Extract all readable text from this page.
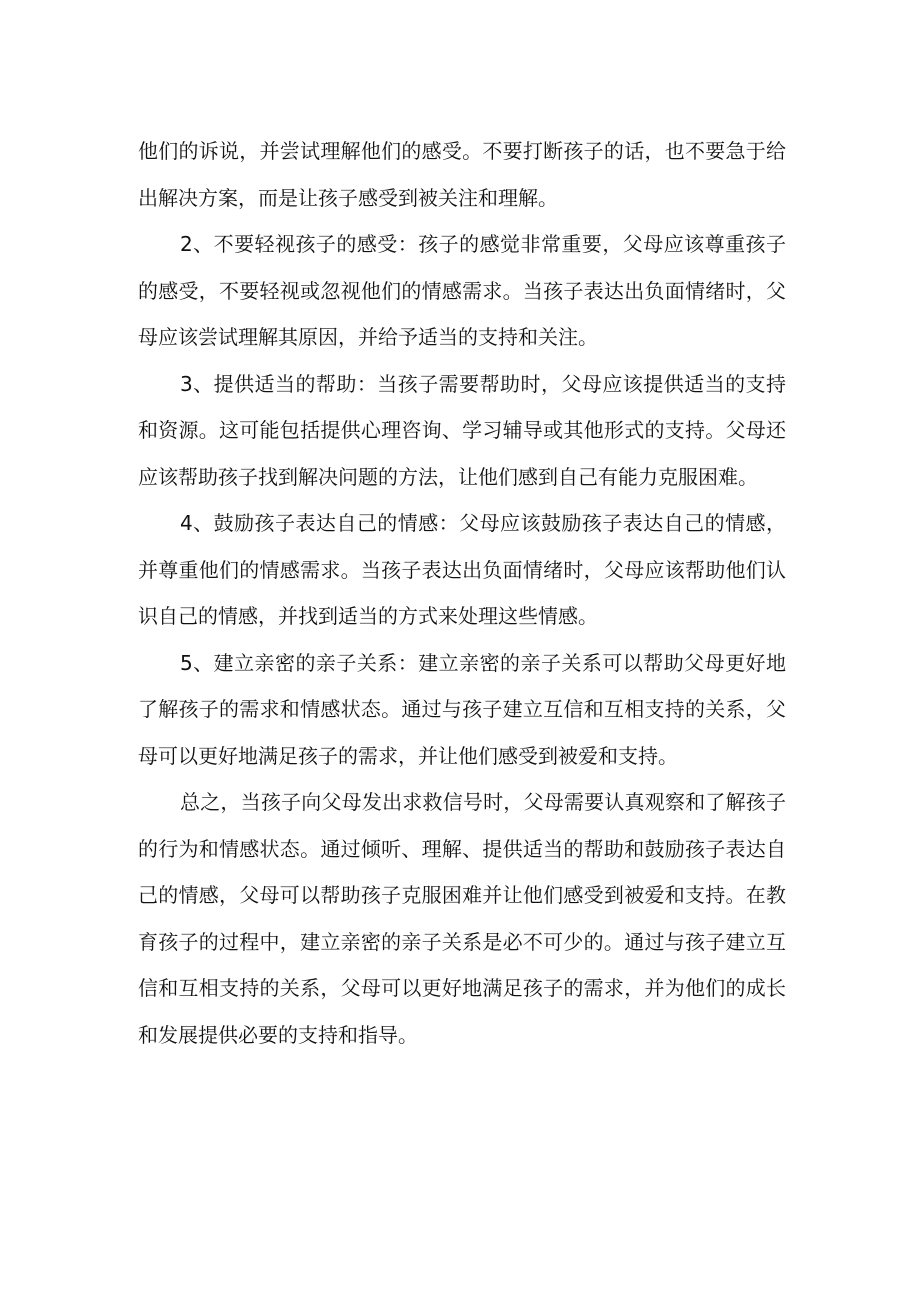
他们的诉说，并尝试理解他们的感受。不要打断孩子的话，也不要急于给出解决方案，而是让孩子感受到被关注和理解。

2、不要轻视孩子的感受：孩子的感觉非常重要，父母应该尊重孩子的感受，不要轻视或忽视他们的情感需求。当孩子表达出负面情绪时，父母应该尝试理解其原因，并给予适当的支持和关注。

3、提供适当的帮助：当孩子需要帮助时，父母应该提供适当的支持和资源。这可能包括提供心理咨询、学习辅导或其他形式的支持。父母还应该帮助孩子找到解决问题的方法，让他们感到自己有能力克服困难。

4、鼓励孩子表达自己的情感：父母应该鼓励孩子表达自己的情感，并尊重他们的情感需求。当孩子表达出负面情绪时，父母应该帮助他们认识自己的情感，并找到适当的方式来处理这些情感。

5、建立亲密的亲子关系：建立亲密的亲子关系可以帮助父母更好地了解孩子的需求和情感状态。通过与孩子建立互信和互相支持的关系，父母可以更好地满足孩子的需求，并让他们感受到被爱和支持。

总之，当孩子向父母发出求救信号时，父母需要认真观察和了解孩子的行为和情感状态。通过倾听、理解、提供适当的帮助和鼓励孩子表达自己的情感，父母可以帮助孩子克服困难并让他们感受到被爱和支持。在教育孩子的过程中，建立亲密的亲子关系是必不可少的。通过与孩子建立互信和互相支持的关系，父母可以更好地满足孩子的需求，并为他们的成长和发展提供必要的支持和指导。
